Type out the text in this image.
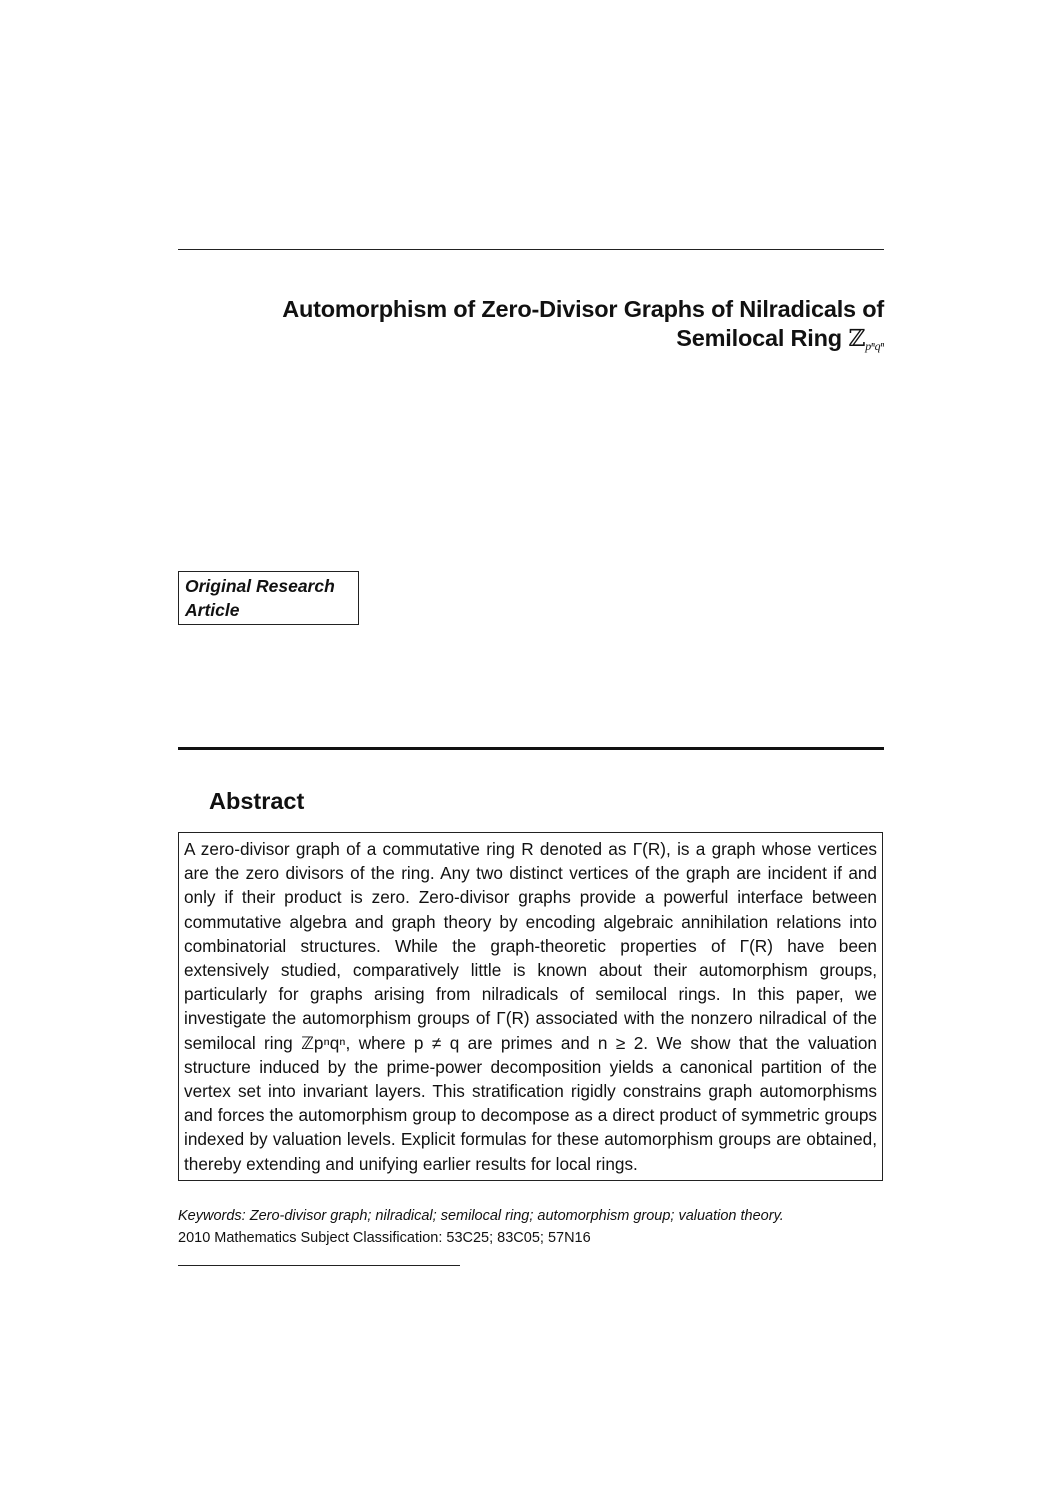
Automorphism of Zero-Divisor Graphs of Nilradicals of
Semilocal Ring ℤ$_{p^nq^n}$
Original Research
Article
Abstract
A zero-divisor graph of a commutative ring R denoted as Γ(R), is a graph whose vertices are the zero divisors of the ring. Any two distinct vertices of the graph are incident if and only if their product is zero. Zero-divisor graphs provide a powerful interface between commutative algebra and graph theory by encoding algebraic annihilation relations into combinatorial structures. While the graph-theoretic properties of Γ(R) have been extensively studied, comparatively little is known about their automorphism groups, particularly for graphs arising from nilradicals of semilocal rings. In this paper, we investigate the automorphism groups of Γ(R) associated with the nonzero nilradical of the semilocal ring ℤpⁿqⁿ, where p ≠ q are primes and n ≥ 2. We show that the valuation structure induced by the prime-power decomposition yields a canonical partition of the vertex set into invariant layers. This stratification rigidly constrains graph automorphisms and forces the automorphism group to decompose as a direct product of symmetric groups indexed by valuation levels. Explicit formulas for these automorphism groups are obtained, thereby extending and unifying earlier results for local rings.
Keywords: Zero-divisor graph; nilradical; semilocal ring; automorphism group; valuation theory.
2010 Mathematics Subject Classification: 53C25; 83C05; 57N16
